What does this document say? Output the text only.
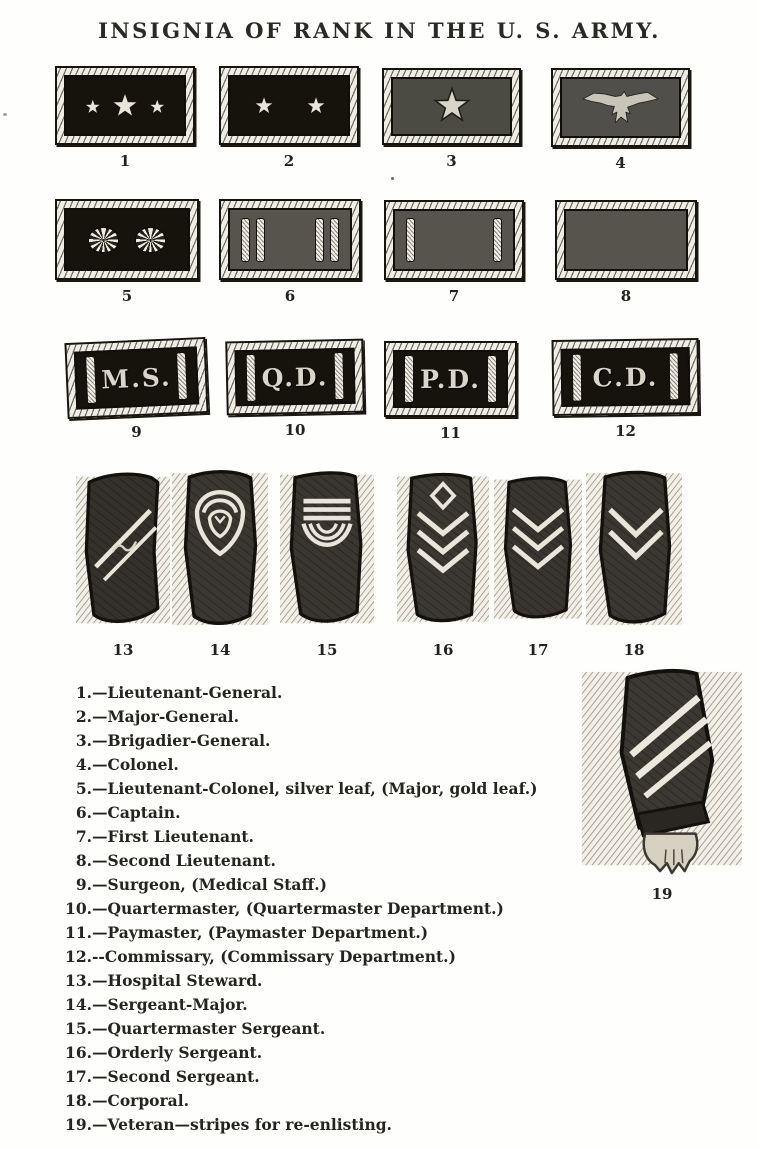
INSIGNIA OF RANK IN THE U. S. ARMY.
1	2	3	4
5	6	7	8
M.S.
9
Q.D.
10
P.D.
11
C.D.
12
13	14	15	16	17	18
19
1.—Lieutenant-General.
2.—Major-General.
3.—Brigadier-General.
4.—Colonel.
5.—Lieutenant-Colonel, silver leaf, (Major, gold leaf.)
6.—Captain.
7.—First Lieutenant.
8.—Second Lieutenant.
9.—Surgeon, (Medical Staff.)
10.—Quartermaster, (Quartermaster Department.)
11.—Paymaster, (Paymaster Department.)
12.--Commissary, (Commissary Department.)
13.—Hospital Steward.
14.—Sergeant-Major.
15.—Quartermaster Sergeant.
16.—Orderly Sergeant.
17.—Second Sergeant.
18.—Corporal.
19.—Veteran—stripes for re-enlisting.
